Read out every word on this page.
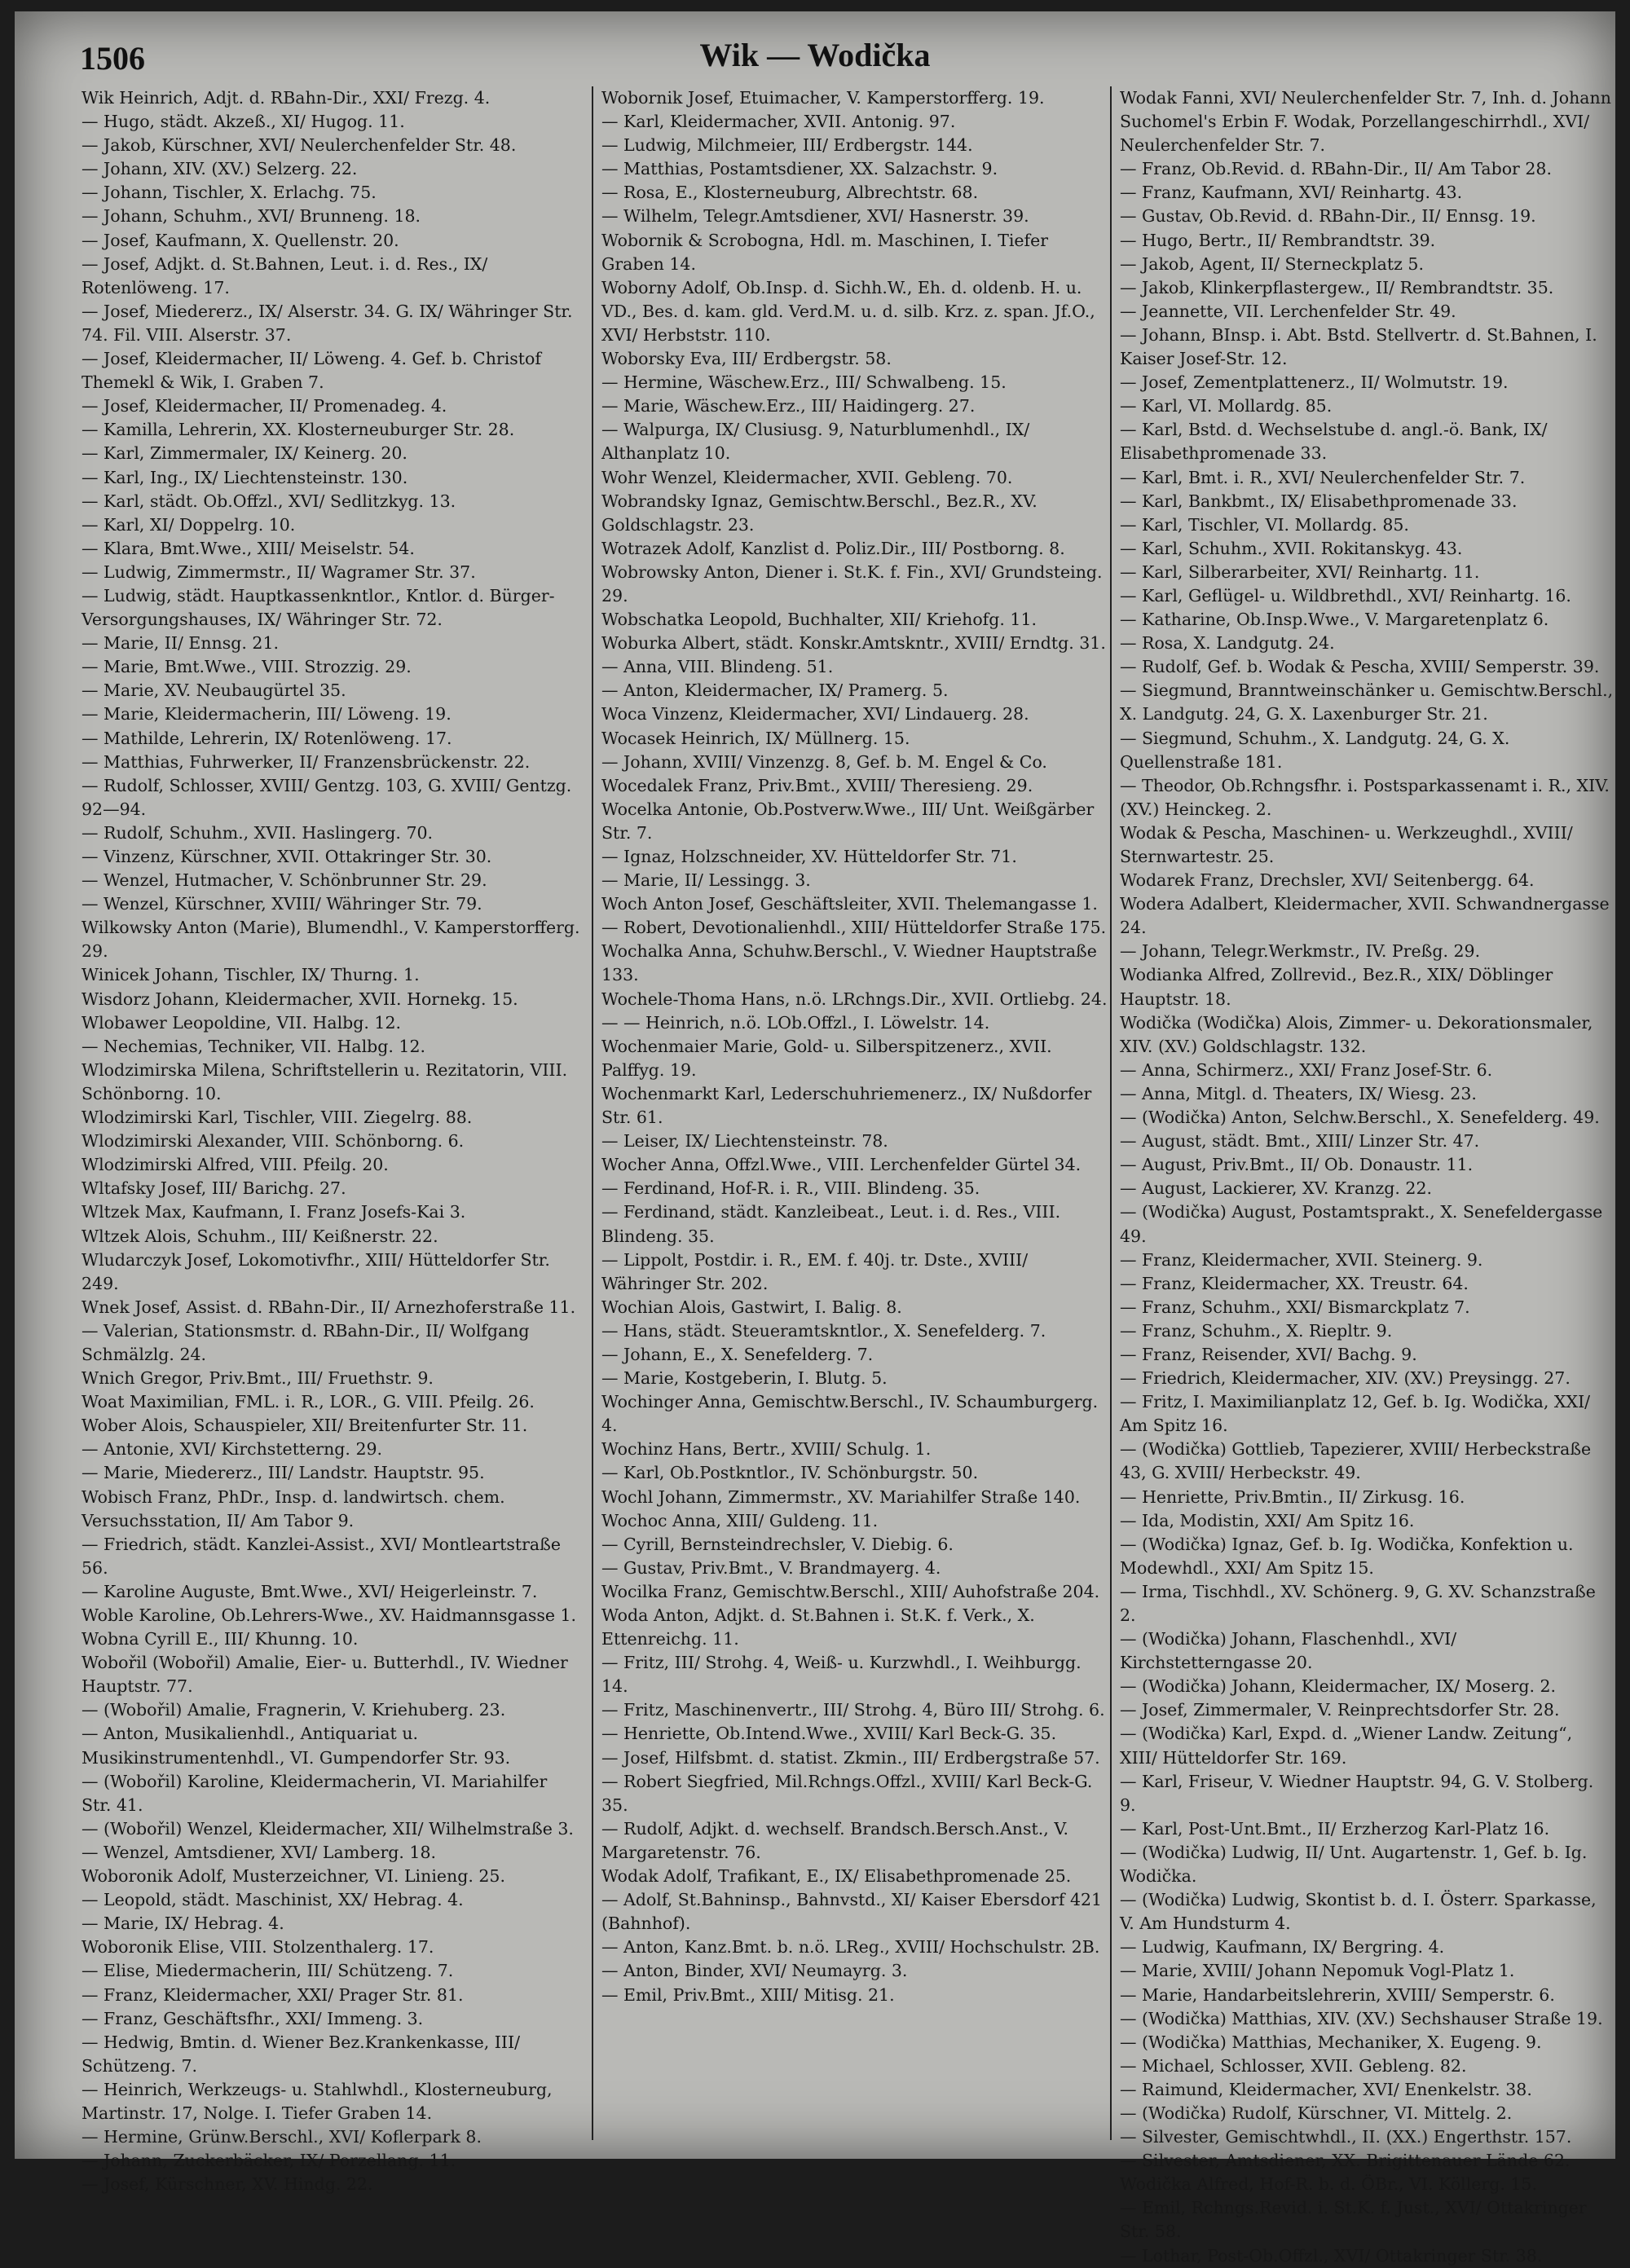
1506	Wik — Wodička

Wik Heinrich, Adjt. d. RBahn-Dir., XXI/ Frezg. 4.

— Hugo, städt. Akzeß., XI/ Hugog. 11.

— Jakob, Kürschner, XVI/ Neulerchenfelder Str. 48.

— Johann, XIV. (XV.) Selzerg. 22.

— Johann, Tischler, X. Erlachg. 75.

— Johann, Schuhm., XVI/ Brunneng. 18.

— Josef, Kaufmann, X. Quellenstr. 20.

— Josef, Adjkt. d. St.Bahnen, Leut. i. d. Res., IX/ Rotenlöweng. 17.

— Josef, Miedererz., IX/ Alserstr. 34. G. IX/ Währinger Str. 74. Fil. VIII. Alserstr. 37.

— Josef, Kleidermacher, II/ Löweng. 4. Gef. b. Christof Themekl & Wik, I. Graben 7.

— Josef, Kleidermacher, II/ Promenadeg. 4.

— Kamilla, Lehrerin, XX. Klosterneuburger Str. 28.

— Karl, Zimmermaler, IX/ Keinerg. 20.

— Karl, Ing., IX/ Liechtensteinstr. 130.

— Karl, städt. Ob.Offzl., XVI/ Sedlitzkyg. 13.

— Karl, XI/ Doppelrg. 10.

— Klara, Bmt.Wwe., XIII/ Meiselstr. 54.

— Ludwig, Zimmermstr., II/ Wagramer Str. 37.

— Ludwig, städt. Hauptkassenkntlor., Kntlor. d. Bürger-Versorgungshauses, IX/ Währinger Str. 72.

— Marie, II/ Ennsg. 21.

— Marie, Bmt.Wwe., VIII. Strozzig. 29.

— Marie, XV. Neubaugürtel 35.

— Marie, Kleidermacherin, III/ Löweng. 19.

— Mathilde, Lehrerin, IX/ Rotenlöweng. 17.

— Matthias, Fuhrwerker, II/ Franzensbrückenstr. 22.

— Rudolf, Schlosser, XVIII/ Gentzg. 103, G. XVIII/ Gentzg. 92—94.

— Rudolf, Schuhm., XVII. Haslingerg. 70.

— Vinzenz, Kürschner, XVII. Ottakringer Str. 30.

— Wenzel, Hutmacher, V. Schönbrunner Str. 29.

— Wenzel, Kürschner, XVIII/ Währinger Str. 79.

Wilkowsky Anton (Marie), Blumendhl., V. Kamperstorfferg. 29.

Winicek Johann, Tischler, IX/ Thurng. 1.

Wisdorz Johann, Kleidermacher, XVII. Hornekg. 15.

Wlobawer Leopoldine, VII. Halbg. 12.

— Nechemias, Techniker, VII. Halbg. 12.

Wlodzimirska Milena, Schriftstellerin u. Rezitatorin, VIII. Schönborng. 10.

Wlodzimirski Karl, Tischler, VIII. Ziegelrg. 88.

Wlodzimirski Alexander, VIII. Schönborng. 6.

Wlodzimirski Alfred, VIII. Pfeilg. 20.

Wltafsky Josef, III/ Barichg. 27.

Wltzek Max, Kaufmann, I. Franz Josefs-Kai 3.

Wltzek Alois, Schuhm., III/ Keißnerstr. 22.

Wludarczyk Josef, Lokomotivfhr., XIII/ Hütteldorfer Str. 249.

Wnek Josef, Assist. d. RBahn-Dir., II/ Arnezhoferstraße 11.

— Valerian, Stationsmstr. d. RBahn-Dir., II/ Wolfgang Schmälzlg. 24.

Wnich Gregor, Priv.Bmt., III/ Fruethstr. 9.

Woat Maximilian, FML. i. R., LOR., G. VIII. Pfeilg. 26.

Wober Alois, Schauspieler, XII/ Breitenfurter Str. 11.

— Antonie, XVI/ Kirchstetterng. 29.

— Marie, Miedererz., III/ Landstr. Hauptstr. 95.

Wobisch Franz, PhDr., Insp. d. landwirtsch. chem. Versuchsstation, II/ Am Tabor 9.

— Friedrich, städt. Kanzlei-Assist., XVI/ Montleartstraße 56.

— Karoline Auguste, Bmt.Wwe., XVI/ Heigerleinstr. 7.

Woble Karoline, Ob.Lehrers-Wwe., XV. Haidmannsgasse 1.

Wobna Cyrill E., III/ Khunng. 10.

Wobořil (Wobořil) Amalie, Eier- u. Butterhdl., IV. Wiedner Hauptstr. 77.

— (Wobořil) Amalie, Fragnerin, V. Kriehuberg. 23.

— Anton, Musikalienhdl., Antiquariat u. Musikinstrumentenhdl., VI. Gumpendorfer Str. 93.

— (Wobořil) Karoline, Kleidermacherin, VI. Mariahilfer Str. 41.

— (Wobořil) Wenzel, Kleidermacher, XII/ Wilhelmstraße 3.

— Wenzel, Amtsdiener, XVI/ Lamberg. 18.

Woboronik Adolf, Musterzeichner, VI. Linieng. 25.

— Leopold, städt. Maschinist, XX/ Hebrag. 4.

— Marie, IX/ Hebrag. 4.

Woboronik Elise, VIII. Stolzenthalerg. 17.

— Elise, Miedermacherin, III/ Schützeng. 7.

— Franz, Kleidermacher, XXI/ Prager Str. 81.

— Franz, Geschäftsfhr., XXI/ Immeng. 3.

— Hedwig, Bmtin. d. Wiener Bez.Krankenkasse, III/ Schützeng. 7.

— Heinrich, Werkzeugs- u. Stahlwhdl., Klosterneuburg, Martinstr. 17, Nolge. I. Tiefer Graben 14.

— Hermine, Grünw.Berschl., XVI/ Koflerpark 8.

— Johann, Zuckerbäcker, IX/ Porzellang. 11.

— Josef, Kürschner, XV. Hindg. 22.

Wobornik Josef, Etuimacher, V. Kamperstorfferg. 19.

— Karl, Kleidermacher, XVII. Antonig. 97.

— Ludwig, Milchmeier, III/ Erdbergstr. 144.

— Matthias, Postamtsdiener, XX. Salzachstr. 9.

— Rosa, E., Klosterneuburg, Albrechtstr. 68.

— Wilhelm, Telegr.Amtsdiener, XVI/ Hasnerstr. 39.

Wobornik & Scrobogna, Hdl. m. Maschinen, I. Tiefer Graben 14.

Woborny Adolf, Ob.Insp. d. Sichh.W., Eh. d. oldenb. H. u. VD., Bes. d. kam. gld. Verd.M. u. d. silb. Krz. z. span. Jf.O., XVI/ Herbststr. 110.

Woborsky Eva, III/ Erdbergstr. 58.

— Hermine, Wäschew.Erz., III/ Schwalbeng. 15.

— Marie, Wäschew.Erz., III/ Haidingerg. 27.

— Walpurga, IX/ Clusiusg. 9, Naturblumenhdl., IX/ Althanplatz 10.

Wohr Wenzel, Kleidermacher, XVII. Gebleng. 70.

Wobrandsky Ignaz, Gemischtw.Berschl., Bez.R., XV. Goldschlagstr. 23.

Wotrazek Adolf, Kanzlist d. Poliz.Dir., III/ Postborng. 8.

Wobrowsky Anton, Diener i. St.K. f. Fin., XVI/ Grundsteing. 29.

Wobschatka Leopold, Buchhalter, XII/ Kriehofg. 11.

Woburka Albert, städt. Konskr.Amtskntr., XVIII/ Erndtg. 31.

— Anna, VIII. Blindeng. 51.

— Anton, Kleidermacher, IX/ Pramerg. 5.

Woca Vinzenz, Kleidermacher, XVI/ Lindauerg. 28.

Wocasek Heinrich, IX/ Müllnerg. 15.

— Johann, XVIII/ Vinzenzg. 8, Gef. b. M. Engel & Co.

Wocedalek Franz, Priv.Bmt., XVIII/ Theresieng. 29.

Wocelka Antonie, Ob.Postverw.Wwe., III/ Unt. Weißgärber Str. 7.

— Ignaz, Holzschneider, XV. Hütteldorfer Str. 71.

— Marie, II/ Lessingg. 3.

Woch Anton Josef, Geschäftsleiter, XVII. Thelemangasse 1.

— Robert, Devotionalienhdl., XIII/ Hütteldorfer Straße 175.

Wochalka Anna, Schuhw.Berschl., V. Wiedner Hauptstraße 133.

Wochele-Thoma Hans, n.ö. LRchngs.Dir., XVII. Ortliebg. 24.

— — Heinrich, n.ö. LOb.Offzl., I. Löwelstr. 14.

Wochenmaier Marie, Gold- u. Silberspitzenerz., XVII. Palffyg. 19.

Wochenmarkt Karl, Lederschuhriemenerz., IX/ Nußdorfer Str. 61.

— Leiser, IX/ Liechtensteinstr. 78.

Wocher Anna, Offzl.Wwe., VIII. Lerchenfelder Gürtel 34.

— Ferdinand, Hof-R. i. R., VIII. Blindeng. 35.

— Ferdinand, städt. Kanzleibeat., Leut. i. d. Res., VIII. Blindeng. 35.

— Lippolt, Postdir. i. R., EM. f. 40j. tr. Dste., XVIII/ Währinger Str. 202.

Wochian Alois, Gastwirt, I. Balig. 8.

— Hans, städt. Steueramtskntlor., X. Senefelderg. 7.

— Johann, E., X. Senefelderg. 7.

— Marie, Kostgeberin, I. Blutg. 5.

Wochinger Anna, Gemischtw.Berschl., IV. Schaumburgerg. 4.

Wochinz Hans, Bertr., XVIII/ Schulg. 1.

— Karl, Ob.Postkntlor., IV. Schönburgstr. 50.

Wochl Johann, Zimmermstr., XV. Mariahilfer Straße 140.

Wochoc Anna, XIII/ Guldeng. 11.

— Cyrill, Bernsteindrechsler, V. Diebig. 6.

— Gustav, Priv.Bmt., V. Brandmayerg. 4.

Wocilka Franz, Gemischtw.Berschl., XIII/ Auhofstraße 204.

Woda Anton, Adjkt. d. St.Bahnen i. St.K. f. Verk., X. Ettenreichg. 11.

— Fritz, III/ Strohg. 4, Weiß- u. Kurzwhdl., I. Weihburgg. 14.

— Fritz, Maschinenvertr., III/ Strohg. 4, Büro III/ Strohg. 6.

— Henriette, Ob.Intend.Wwe., XVIII/ Karl Beck-G. 35.

— Josef, Hilfsbmt. d. statist. Zkmin., III/ Erdbergstraße 57.

— Robert Siegfried, Mil.Rchngs.Offzl., XVIII/ Karl Beck-G. 35.

— Rudolf, Adjkt. d. wechself. Brandsch.Bersch.Anst., V. Margaretenstr. 76.

Wodak Adolf, Trafikant, E., IX/ Elisabethpromenade 25.

— Adolf, St.Bahninsp., Bahnvstd., XI/ Kaiser Ebersdorf 421 (Bahnhof).

— Anton, Kanz.Bmt. b. n.ö. LReg., XVIII/ Hochschulstr. 2B.

— Anton, Binder, XVI/ Neumayrg. 3.

— Emil, Priv.Bmt., XIII/ Mitisg. 21.

Wodak Fanni, XVI/ Neulerchenfelder Str. 7, Inh. d. Johann Suchomel's Erbin F. Wodak, Porzellangeschirrhdl., XVI/ Neulerchenfelder Str. 7.

— Franz, Ob.Revid. d. RBahn-Dir., II/ Am Tabor 28.

— Franz, Kaufmann, XVI/ Reinhartg. 43.

— Gustav, Ob.Revid. d. RBahn-Dir., II/ Ennsg. 19.

— Hugo, Bertr., II/ Rembrandtstr. 39.

— Jakob, Agent, II/ Sterneckplatz 5.

— Jakob, Klinkerpflastergew., II/ Rembrandtstr. 35.

— Jeannette, VII. Lerchenfelder Str. 49.

— Johann, BInsp. i. Abt. Bstd. Stellvertr. d. St.Bahnen, I. Kaiser Josef-Str. 12.

— Josef, Zementplattenerz., II/ Wolmutstr. 19.

— Karl, VI. Mollardg. 85.

— Karl, Bstd. d. Wechselstube d. angl.-ö. Bank, IX/ Elisabethpromenade 33.

— Karl, Bmt. i. R., XVI/ Neulerchenfelder Str. 7.

— Karl, Bankbmt., IX/ Elisabethpromenade 33.

— Karl, Tischler, VI. Mollardg. 85.

— Karl, Schuhm., XVII. Rokitanskyg. 43.

— Karl, Silberarbeiter, XVI/ Reinhartg. 11.

— Karl, Geflügel- u. Wildbrethdl., XVI/ Reinhartg. 16.

— Katharine, Ob.Insp.Wwe., V. Margaretenplatz 6.

— Rosa, X. Landgutg. 24.

— Rudolf, Gef. b. Wodak & Pescha, XVIII/ Semperstr. 39.

— Siegmund, Branntweinschänker u. Gemischtw.Berschl., X. Landgutg. 24, G. X. Laxenburger Str. 21.

— Siegmund, Schuhm., X. Landgutg. 24, G. X. Quellenstraße 181.

— Theodor, Ob.Rchngsfhr. i. Postsparkassenamt i. R., XIV. (XV.) Heinckeg. 2.

Wodak & Pescha, Maschinen- u. Werkzeughdl., XVIII/ Sternwartestr. 25.

Wodarek Franz, Drechsler, XVI/ Seitenbergg. 64.

Wodera Adalbert, Kleidermacher, XVII. Schwandnergasse 24.

— Johann, Telegr.Werkmstr., IV. Preßg. 29.

Wodianka Alfred, Zollrevid., Bez.R., XIX/ Döblinger Hauptstr. 18.

Wodička (Wodička) Alois, Zimmer- u. Dekorationsmaler, XIV. (XV.) Goldschlagstr. 132.

— Anna, Schirmerz., XXI/ Franz Josef-Str. 6.

— Anna, Mitgl. d. Theaters, IX/ Wiesg. 23.

— (Wodička) Anton, Selchw.Berschl., X. Senefelderg. 49.

— August, städt. Bmt., XIII/ Linzer Str. 47.

— August, Priv.Bmt., II/ Ob. Donaustr. 11.

— August, Lackierer, XV. Kranzg. 22.

— (Wodička) August, Postamtsprakt., X. Senefeldergasse 49.

— Franz, Kleidermacher, XVII. Steinerg. 9.

— Franz, Kleidermacher, XX. Treustr. 64.

— Franz, Schuhm., XXI/ Bismarckplatz 7.

— Franz, Schuhm., X. Riepltr. 9.

— Franz, Reisender, XVI/ Bachg. 9.

— Friedrich, Kleidermacher, XIV. (XV.) Preysingg. 27.

— Fritz, I. Maximilianplatz 12, Gef. b. Ig. Wodička, XXI/ Am Spitz 16.

— (Wodička) Gottlieb, Tapezierer, XVIII/ Herbeckstraße 43, G. XVIII/ Herbeckstr. 49.

— Henriette, Priv.Bmtin., II/ Zirkusg. 16.

— Ida, Modistin, XXI/ Am Spitz 16.

— (Wodička) Ignaz, Gef. b. Ig. Wodička, Konfektion u. Modewhdl., XXI/ Am Spitz 15.

— Irma, Tischhdl., XV. Schönerg. 9, G. XV. Schanzstraße 2.

— (Wodička) Johann, Flaschenhdl., XVI/ Kirchstetterngasse 20.

— (Wodička) Johann, Kleidermacher, IX/ Moserg. 2.

— Josef, Zimmermaler, V. Reinprechtsdorfer Str. 28.

— (Wodička) Karl, Expd. d. „Wiener Landw. Zeitung“, XIII/ Hütteldorfer Str. 169.

— Karl, Friseur, V. Wiedner Hauptstr. 94, G. V. Stolberg. 9.

— Karl, Post-Unt.Bmt., II/ Erzherzog Karl-Platz 16.

— (Wodička) Ludwig, II/ Unt. Augartenstr. 1, Gef. b. Ig. Wodička.

— (Wodička) Ludwig, Skontist b. d. I. Österr. Sparkasse, V. Am Hundsturm 4.

— Ludwig, Kaufmann, IX/ Bergring. 4.

— Marie, XVIII/ Johann Nepomuk Vogl-Platz 1.

— Marie, Handarbeitslehrerin, XVIII/ Semperstr. 6.

— (Wodička) Matthias, XIV. (XV.) Sechshauser Straße 19.

— (Wodička) Matthias, Mechaniker, X. Eugeng. 9.

— Michael, Schlosser, XVII. Gebleng. 82.

— Raimund, Kleidermacher, XVI/ Enenkelstr. 38.

— (Wodička) Rudolf, Kürschner, VI. Mittelg. 2.

— Silvester, Gemischtwhdl., II. (XX.) Engerthstr. 157.

— Silvester, Amtsdiener, XX. Brigittenauer Lände 62.

Wodička Alfred, Hof-R. b. d. ÖBr., VI. Köllerg. 15.

— Emil, Rchngs.Revid. i. St.K. f. Just., XVI/ Ottakringer Str. 58.

— Lothar, Post-Ob.Offzl., XVI/ Ottakringer Str. 38.
